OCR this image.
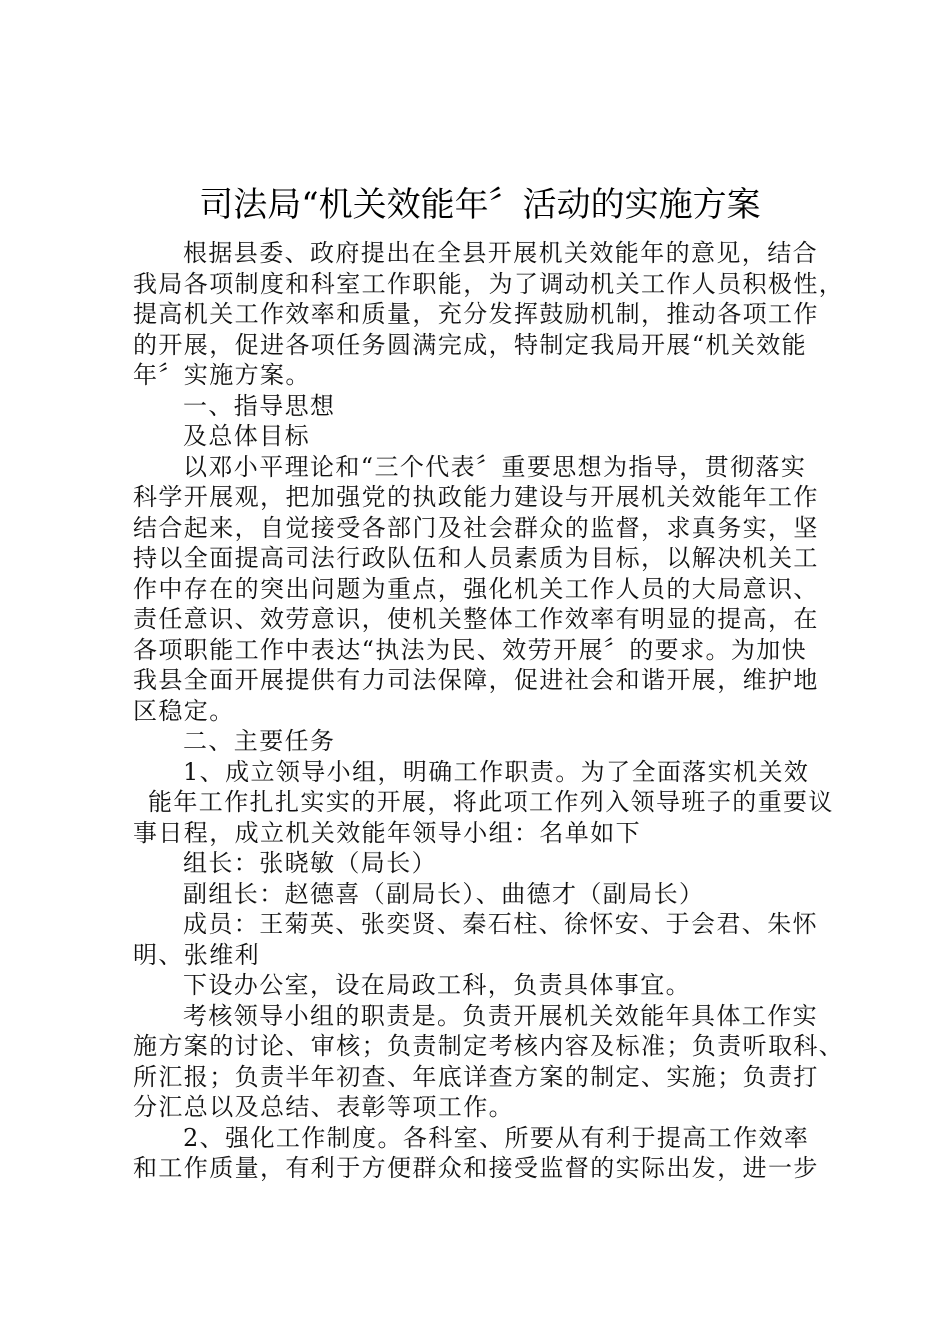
司法局“机关效能年〞活动的实施方案
根据县委、政府提出在全县开展机关效能年的意见，结合
我局各项制度和科室工作职能，为了调动机关工作人员积极性，
提高机关工作效率和质量，充分发挥鼓励机制，推动各项工作
的开展，促进各项任务圆满完成，特制定我局开展“机关效能
年〞实施方案。
一、指导思想
及总体目标
以邓小平理论和“三个代表〞重要思想为指导，贯彻落实
科学开展观，把加强党的执政能力建设与开展机关效能年工作
结合起来，自觉接受各部门及社会群众的监督，求真务实，坚
持以全面提高司法行政队伍和人员素质为目标，以解决机关工
作中存在的突出问题为重点，强化机关工作人员的大局意识、
责任意识、效劳意识，使机关整体工作效率有明显的提高，在
各项职能工作中表达“执法为民、效劳开展〞的要求。为加快
我县全面开展提供有力司法保障，促进社会和谐开展，维护地
区稳定。
二、主要任务
1、成立领导小组，明确工作职责。为了全面落实机关效
能年工作扎扎实实的开展，将此项工作列入领导班子的重要议
事日程，成立机关效能年领导小组：名单如下
组长：张晓敏（局长）
副组长：赵德喜（副局长）、曲德才（副局长）
成员：王菊英、张奕贤、秦石柱、徐怀安、于会君、朱怀
明、张维利
下设办公室，设在局政工科，负责具体事宜。
考核领导小组的职责是。负责开展机关效能年具体工作实
施方案的讨论、审核；负责制定考核内容及标准；负责听取科、
所汇报；负责半年初查、年底详查方案的制定、实施；负责打
分汇总以及总结、表彰等项工作。
2、强化工作制度。各科室、所要从有利于提高工作效率
和工作质量，有利于方便群众和接受监督的实际出发，进一步
